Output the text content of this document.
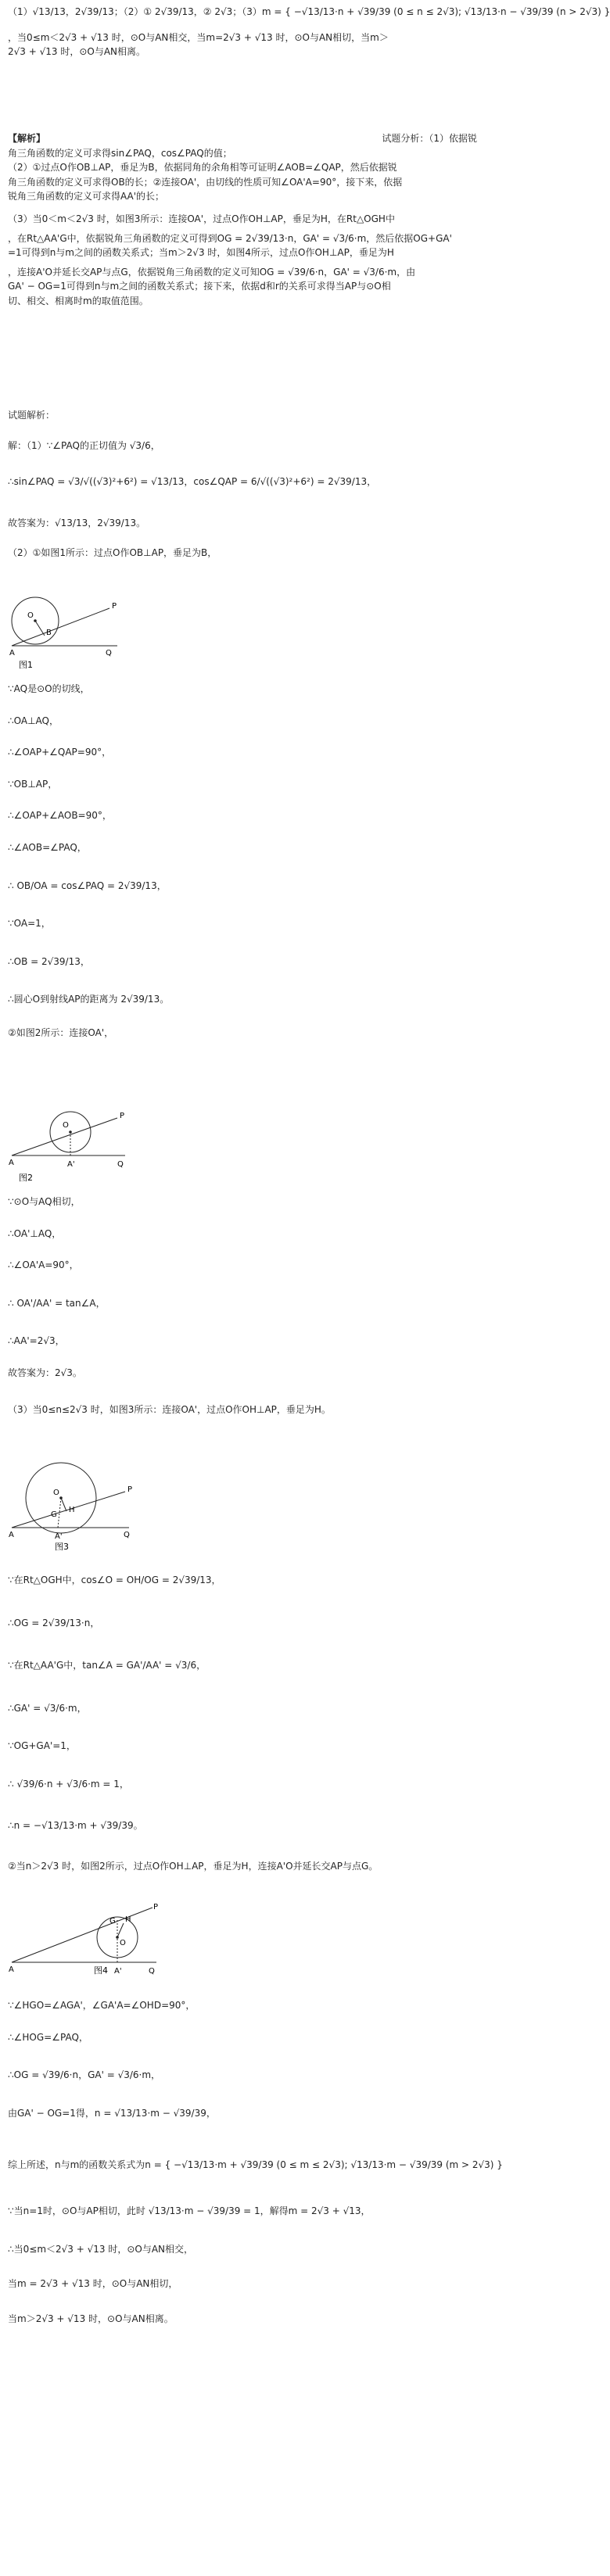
（1）√13/13，2√39/13；（2）① 2√39/13，② 2√3；（3）m = { −√13/13·n + √39/39 (0 ≤ n ≤ 2√3); √13/13·n − √39/39 (n > 2√3) }
，当0≤m＜2√3 + √13 时，⊙O与AN相交，当m=2√3 + √13 时，⊙O与AN相切，当m＞
2√3 + √13 时，⊙O与AN相离。
【解析】	试题分析：（1）依据锐
角三角函数的定义可求得sin∠PAQ，cos∠PAQ的值；
（2）①过点O作OB⊥AP，垂足为B，依据同角的余角相等可证明∠AOB=∠QAP，然后依据锐
角三角函数的定义可求得OB的长；②连接OA'，由切线的性质可知∠OA'A=90°，接下来，依据
锐角三角函数的定义可求得AA'的长；
（3）当0＜m＜2√3 时，如图3所示：连接OA'，过点O作OH⊥AP，垂足为H，在Rt△OGH中
，在Rt△AA'G中，依据锐角三角函数的定义可得到OG = 2√39/13·n，GA' = √3/6·m，然后依据OG+GA'
=1可得到n与m之间的函数关系式；当m＞2√3 时，如图4所示，过点O作OH⊥AP，垂足为H
，连接A'O并延长交AP与点G，依据锐角三角函数的定义可知OG = √39/6·n，GA' = √3/6·m，由
GA' − OG=1可得到n与m之间的函数关系式；接下来，依据d和r的关系可求得当AP与⊙O相
切、相交、相离时m的取值范围。
试题解析：
解：（1）∵∠PAQ的正切值为 √3/6，
∴sin∠PAQ = √3/√((√3)²+6²) = √13/13，cos∠QAP = 6/√((√3)²+6²) = 2√39/13，
故答案为：√13/13，2√39/13。
（2）①如图1所示：过点O作OB⊥AP，垂足为B，
O
B
A	Q
P
图1
∵AQ是⊙O的切线，
∴OA⊥AQ，
∴∠OAP+∠QAP=90°，
∵OB⊥AP，
∴∠OAP+∠AOB=90°，
∴∠AOB=∠PAQ，
∴ OB/OA = cos∠PAQ = 2√39/13，
∵OA=1，
∴OB = 2√39/13，
∴圆心O到射线AP的距离为 2√39/13。
②如图2所示：连接OA'，
O
A'
A	Q
P
图2
∵⊙O与AQ相切，
∴OA'⊥AQ，
∴∠OA'A=90°，
∴ OA'/AA' = tan∠A，
∴AA'=2√3，
故答案为：2√3。
（3）当0≤n≤2√3 时，如图3所示：连接OA'，过点O作OH⊥AP，垂足为H。
O
H
G
A'
A	Q
P
图3
∵在Rt△OGH中，cos∠O = OH/OG = 2√39/13，
∴OG = 2√39/13·n，
∵在Rt△AA'G中，tan∠A = GA'/AA' = √3/6，
∴GA' = √3/6·m，
∵OG+GA'=1，
∴ √39/6·n + √3/6·m = 1，
∴n = −√13/13·m + √39/39。
②当n＞2√3 时，如图2所示，过点O作OH⊥AP，垂足为H，连接A'O并延长交AP与点G。
P
H
G
O
A'
A	Q
图4
∵∠HGO=∠AGA'，∠GA'A=∠OHD=90°，
∴∠HOG=∠PAQ，
∴OG = √39/6·n，GA' = √3/6·m，
由GA' − OG=1得，n = √13/13·m − √39/39，
综上所述，n与m的函数关系式为n = { −√13/13·m + √39/39 (0 ≤ m ≤ 2√3); √13/13·m − √39/39 (m > 2√3) }
∵当n=1时，⊙O与AP相切，此时 √13/13·m − √39/39 = 1，解得m = 2√3 + √13，
∴当0≤m＜2√3 + √13 时，⊙O与AN相交，
当m = 2√3 + √13 时，⊙O与AN相切，
当m＞2√3 + √13 时，⊙O与AN相离。
